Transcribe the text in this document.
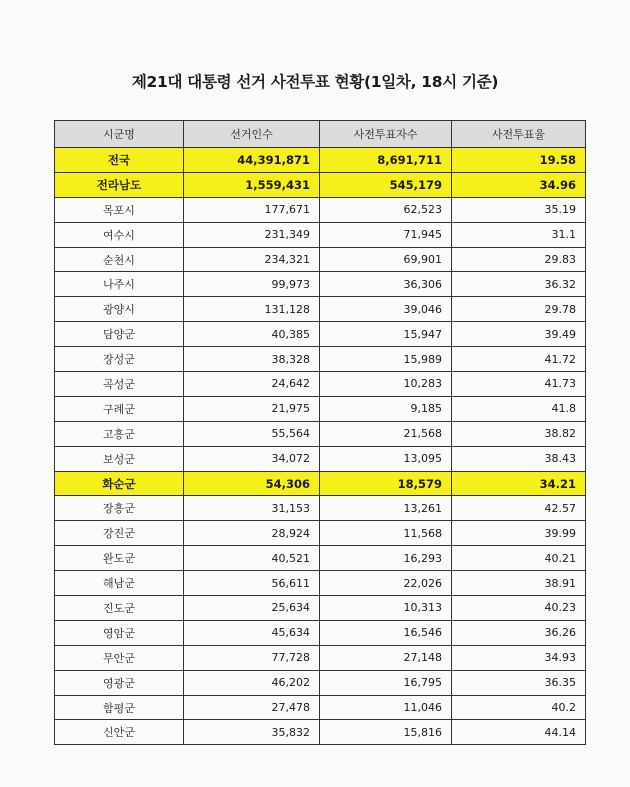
제21대 대통령 선거 사전투표 현황(1일차, 18시 기준)
시군명	선거인수	사전투표자수	사전투표율
전국	44,391,871	8,691,711	19.58
전라남도	1,559,431	545,179	34.96
목포시	177,671	62,523	35.19
여수시	231,349	71,945	31.1
순천시	234,321	69,901	29.83
나주시	99,973	36,306	36.32
광양시	131,128	39,046	29.78
담양군	40,385	15,947	39.49
장성군	38,328	15,989	41.72
곡성군	24,642	10,283	41.73
구례군	21,975	9,185	41.8
고흥군	55,564	21,568	38.82
보성군	34,072	13,095	38.43
화순군	54,306	18,579	34.21
장흥군	31,153	13,261	42.57
강진군	28,924	11,568	39.99
완도군	40,521	16,293	40.21
해남군	56,611	22,026	38.91
진도군	25,634	10,313	40.23
영암군	45,634	16,546	36.26
무안군	77,728	27,148	34.93
영광군	46,202	16,795	36.35
함평군	27,478	11,046	40.2
신안군	35,832	15,816	44.14
